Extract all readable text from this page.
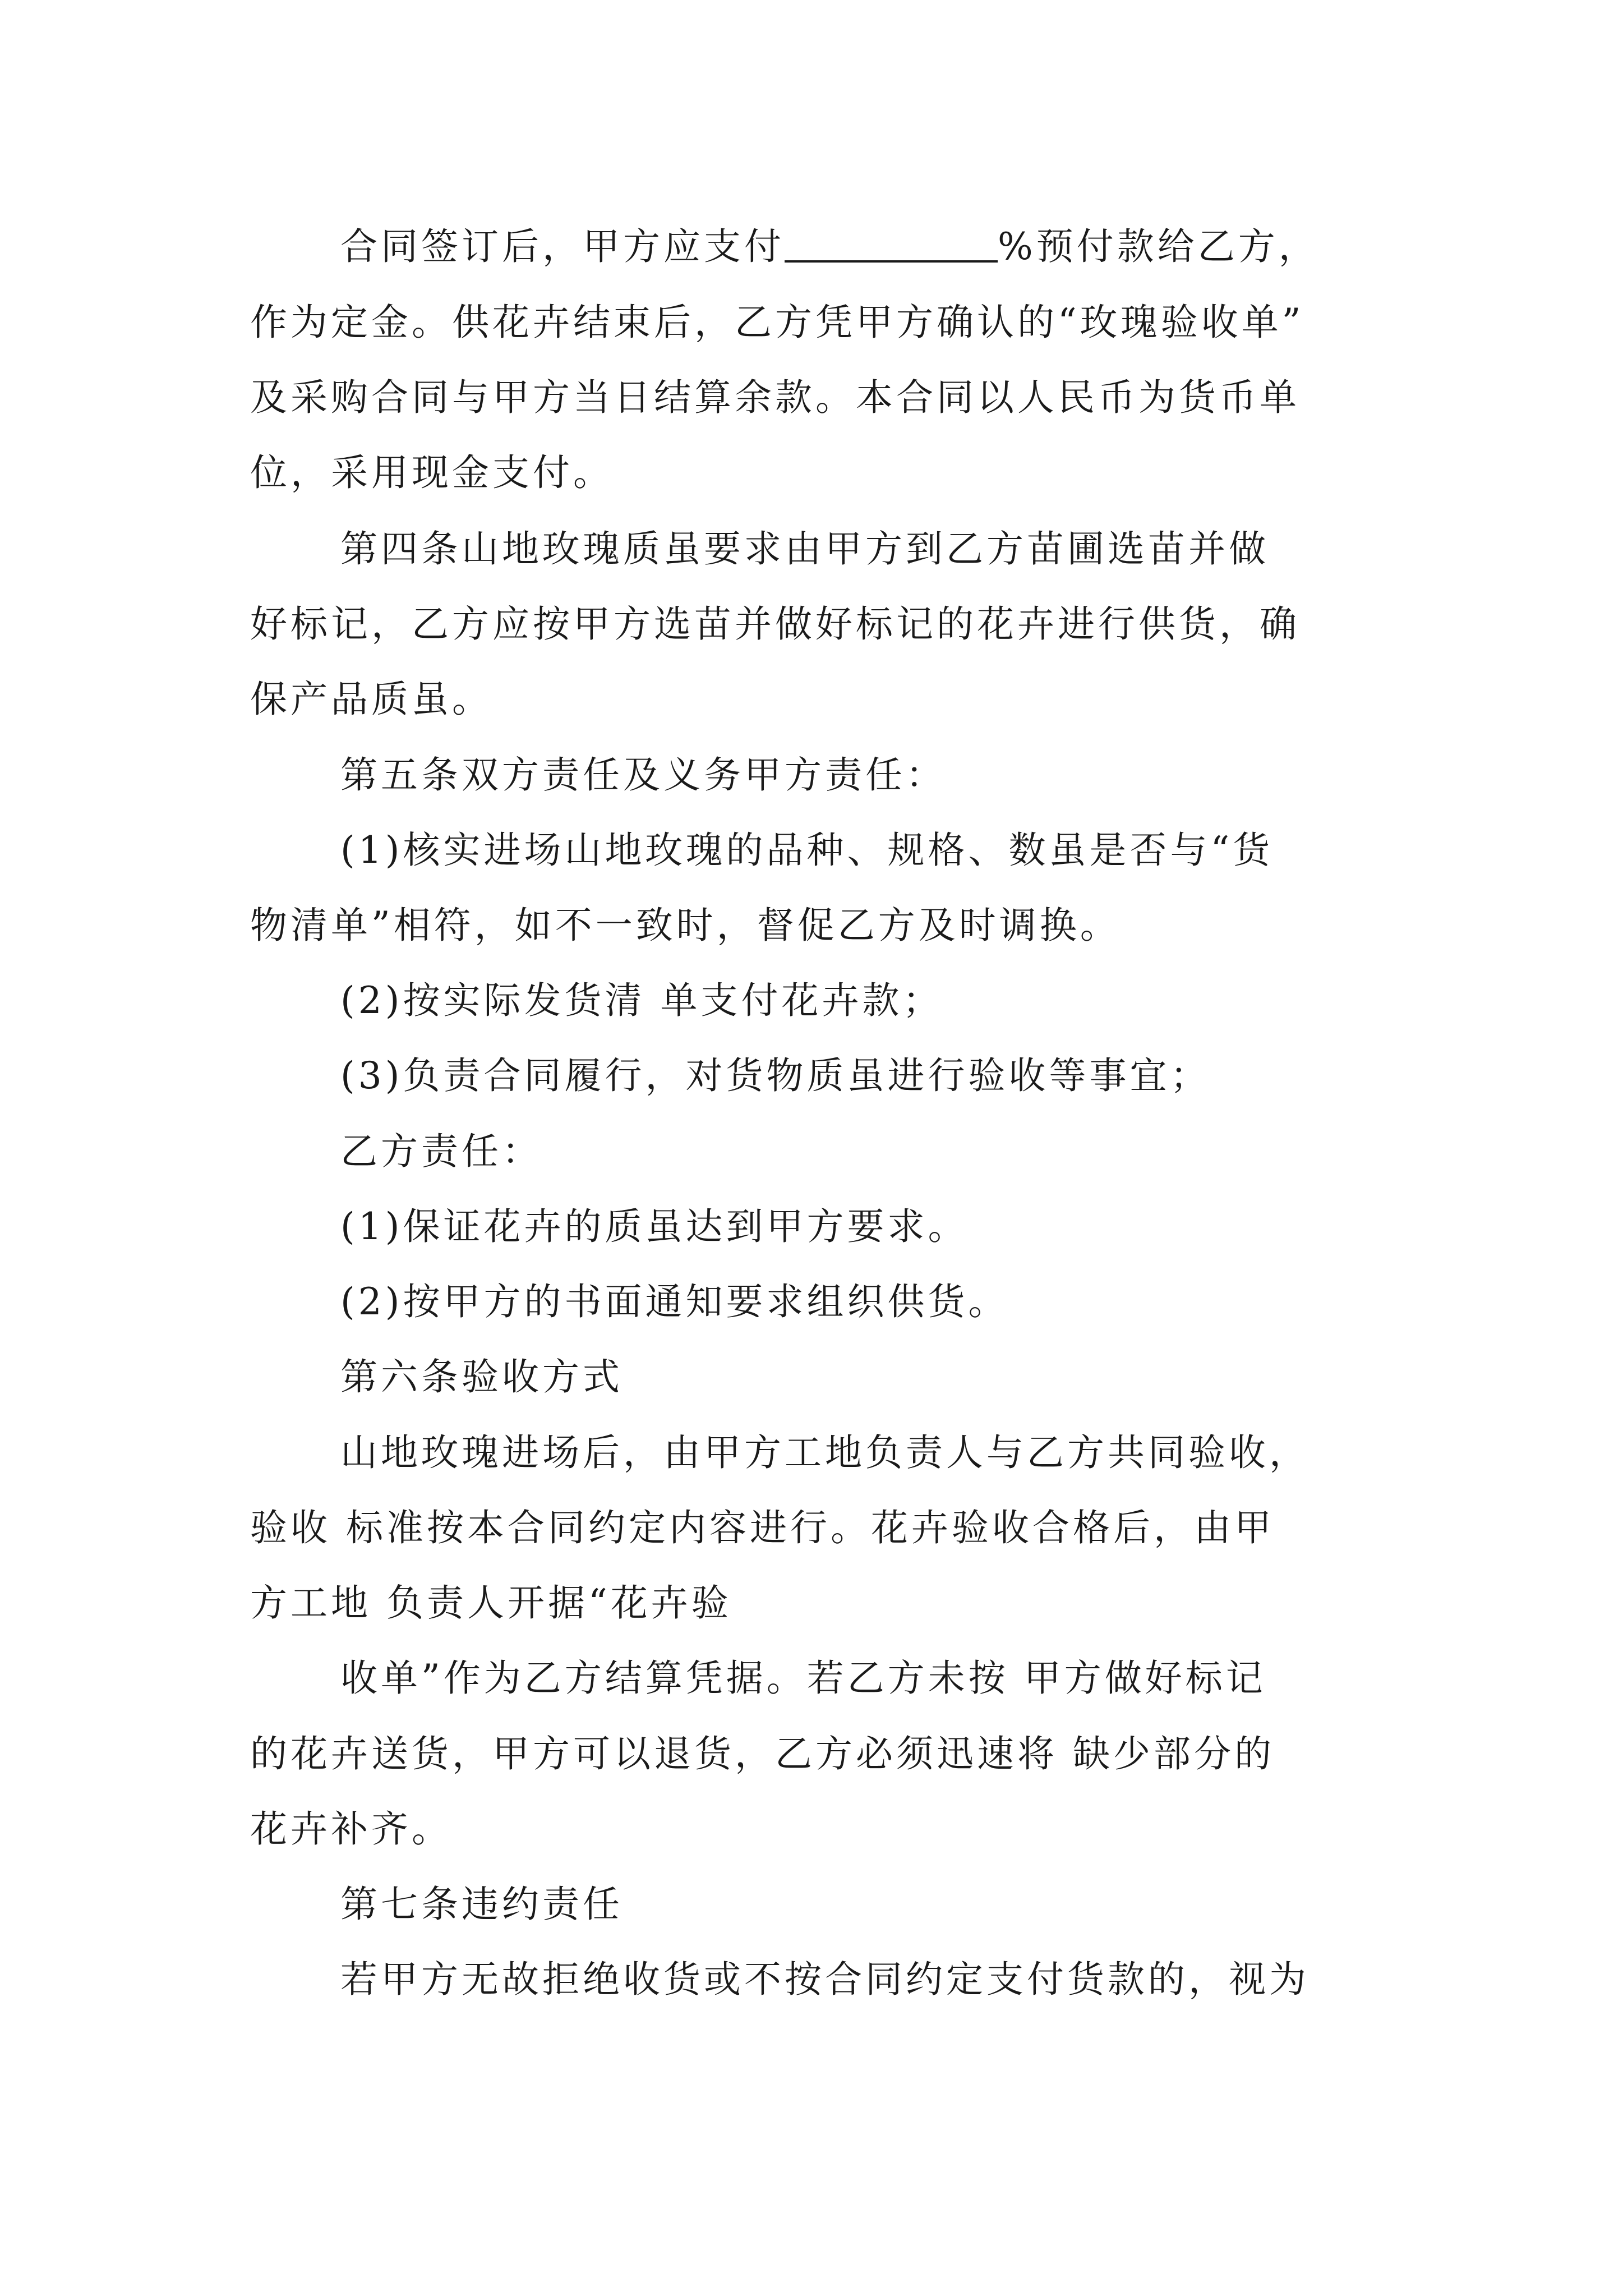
合同签订后，甲方应支付	%预付款给乙方，
作为定金。供花卉结束后，乙方凭甲方确认的“玫瑰验收单”
及采购合同与甲方当日结算余款。本合同以人民币为货币单
位，采用现金支付。
第四条山地玫瑰质虽要求由甲方到乙方苗圃选苗并做
好标记，乙方应按甲方选苗并做好标记的花卉进行供货，确
保产品质虽。
第五条双方责任及义务甲方责任：
(1)核实进场山地玫瑰的品种、规格、数虽是否与“货
物清单”相符，如不一致时，督促乙方及时调换。
(2)按实际发货清 单支付花卉款；
(3)负责合同履行，对货物质虽进行验收等事宜；
乙方责任：
(1)保证花卉的质虽达到甲方要求。
(2)按甲方的书面通知要求组织供货。
第六条验收方式
山地玫瑰进场后，由甲方工地负责人与乙方共同验收，
验收 标准按本合同约定内容进行。花卉验收合格后，由甲
方工地 负责人开据“花卉验
收单”作为乙方结算凭据。若乙方未按 甲方做好标记
的花卉送货，甲方可以退货，乙方必须迅速将 缺少部分的
花卉补齐。
第七条违约责任
若甲方无故拒绝收货或不按合同约定支付货款的，视为
